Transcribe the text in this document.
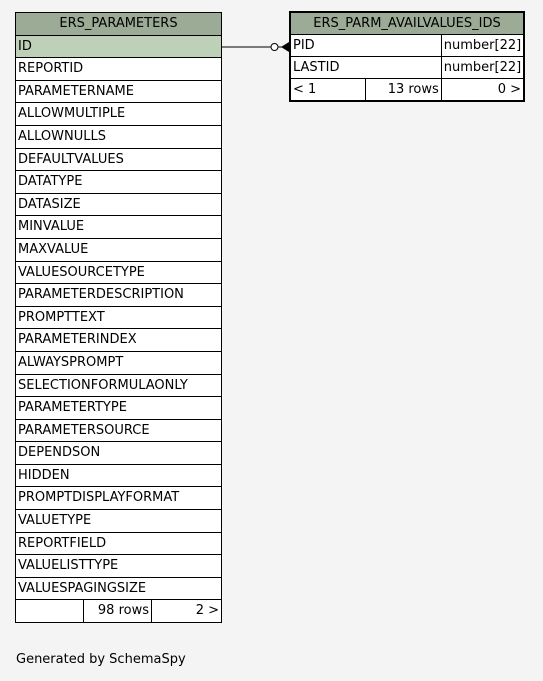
ERS_PARAMETERS
ID
REPORTID
PARAMETERNAME
ALLOWMULTIPLE
ALLOWNULLS
DEFAULTVALUES
DATATYPE
DATASIZE
MINVALUE
MAXVALUE
VALUESOURCETYPE
PARAMETERDESCRIPTION
PROMPTTEXT
PARAMETERINDEX
ALWAYSPROMPT
SELECTIONFORMULAONLY
PARAMETERTYPE
PARAMETERSOURCE
DEPENDSON
HIDDEN
PROMPTDISPLAYFORMAT
VALUETYPE
REPORTFIELD
VALUELISTTYPE
VALUESPAGINGSIZE
	98 rows	2 >
ERS_PARM_AVAILVALUES_IDS		
PID		number[22]
LASTID		number[22]
< 1	13 rows	0 >
Generated by SchemaSpy
